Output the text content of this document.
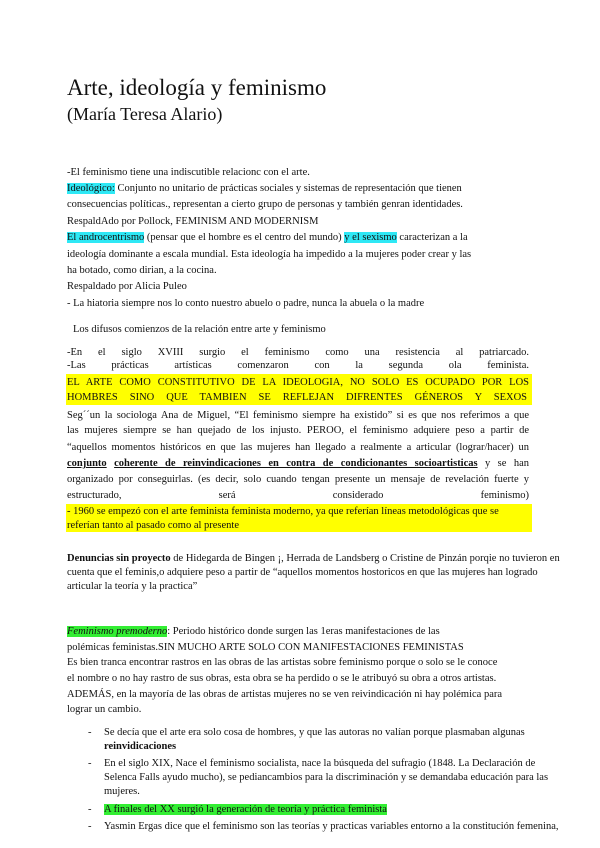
Arte, ideología y feminismo
(María Teresa Alario)
-El feminismo tiene una indiscutible relacionc con el arte.
Ideológico: Conjunto no unitario de prácticas sociales y sistemas de representación que tienen
consecuencias políticas., representan a cierto grupo de personas y también genran identidades.
RespaldAdo por Pollock, FEMINISM AND MODERNISM
El androcentrismo (pensar que el hombre es el centro del mundo) y el sexismo caracterizan a la
ideología dominante a escala mundial. Esta ideología ha impedido a la mujeres poder crear y las
ha botado, como dirian, a la cocina.
Respaldado por Alicia Puleo
- La hiatoria siempre nos lo conto nuestro abuelo o padre, nunca la abuela o la madre
Los difusos comienzos de la relación entre arte y feminismo
-En el siglo XVIII surgio el feminismo como una resistencia al patriarcado.
-Las prácticas artísticas comenzaron con la segunda ola feminista.
EL ARTE COMO CONSTITUTIVO DE LA IDEOLOGIA, NO SOLO ES OCUPADO POR LOS
HOMBRES SINO QUE TAMBIEN SE REFLEJAN DIFRENTES GÉNEROS Y SEXOS
Seg´´un la sociologa Ana de Miguel, “El feminismo siempre ha existido” si es que nos referimos a que
las mujeres siempre se han quejado de los injusto. PEROO, el feminismo adquiere peso a partir de
“aquellos momentos históricos en que las mujeres han llegado a realmente a articular (lograr/hacer) un
conjunto coherente de reinvindicaciones en contra de condicionantes socioartisticas y se han
organizado por conseguirlas. (es decir, solo cuando tengan presente un mensaje de revelación fuerte y
estructurado, será considerado feminismo)
- 1960 se empezó con el arte feminista feminista moderno, ya que referían líneas metodológicas que se
referían tanto al pasado como al presente
Denuncias sin proyecto de Hidegarda de Bingen ¡, Herrada de Landsberg o Cristine de Pinzán porqie no tuvieron en
cuenta que el feminis,o adquiere peso a partir de “aquellos momentos hostoricos en que las mujeres han logrado
articular la teoría y la practica”
Feminismo premoderno: Periodo histórico donde surgen las 1eras manifestaciones de las
polémicas feministas.SIN MUCHO ARTE SOLO CON MANIFESTACIONES FEMINISTAS
Es bien tranca encontrar rastros en las obras de las artistas sobre feminismo porque o solo se le conoce
el nombre o no hay rastro de sus obras, esta obra se ha perdido o se le atribuyó su obra a otros artistas.
ADEMÁS, en la mayoría de las obras de artistas mujeres no se ven reivindicación ni hay polémica para
lograr un cambio.
- Se decía que el arte era solo cosa de hombres, y que las autoras no valían porque plasmaban algunas
reinvidicaciones
- En el siglo XIX, Nace el feminismo socialista, nace la búsqueda del sufragio (1848. La Declaración de
Selenca Falls ayudo mucho), se pediancambios para la discriminación y se demandaba educación para las
mujeres.
- A finales del XX surgió la generación de teoría y práctica feminista
- Yasmin Ergas dice que el feminismo son las teorías y practicas variables entorno a la constitución femenina,
